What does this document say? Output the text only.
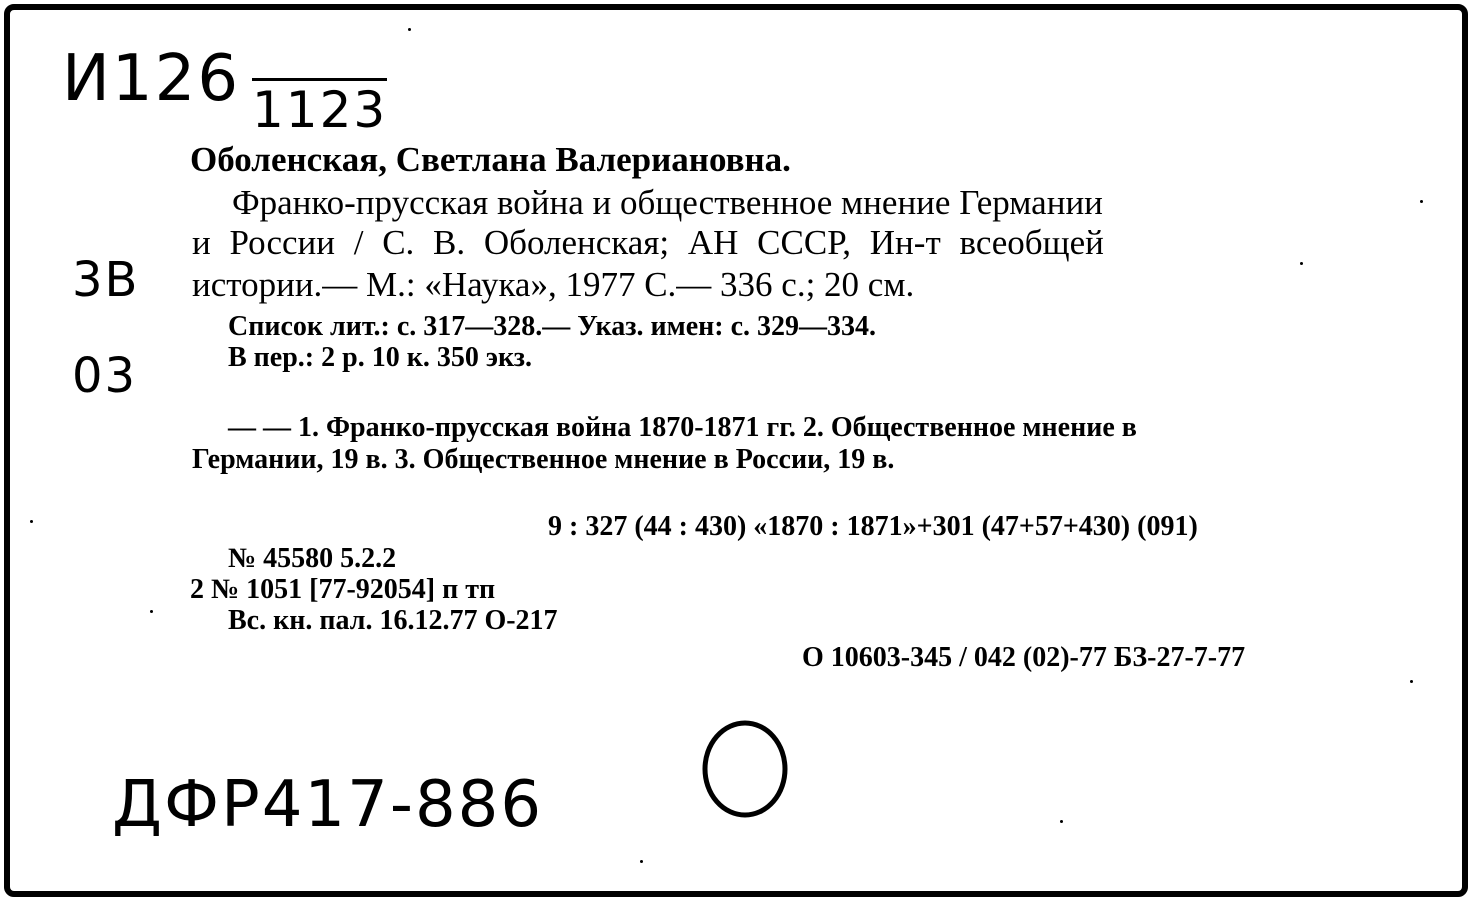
И126 1123
3В
03
ДФР417-886
Оболенская, Светлана Валериановна.
Франко-прусская война и общественное мнение Германии
и России / С. В. Оболенская; АН СССР, Ин-т всеобщей
истории.— М.: «Наука», 1977 С.— 336 с.; 20 см.
Список лит.: с. 317—328.— Указ. имен: с. 329—334.
В пер.: 2 р. 10 к. 350 экз.
— — 1. Франко-прусская война 1870-1871 гг. 2. Общественное мнение в
Германии, 19 в. 3. Общественное мнение в России, 19 в.
9 : 327 (44 : 430) «1870 : 1871»+301 (47+57+430) (091)
№ 45580 5.2.2
2 № 1051 [77-92054] п тп
Вс. кн. пал. 16.12.77 О-217
О 10603-345 / 042 (02)-77 БЗ-27-7-77
